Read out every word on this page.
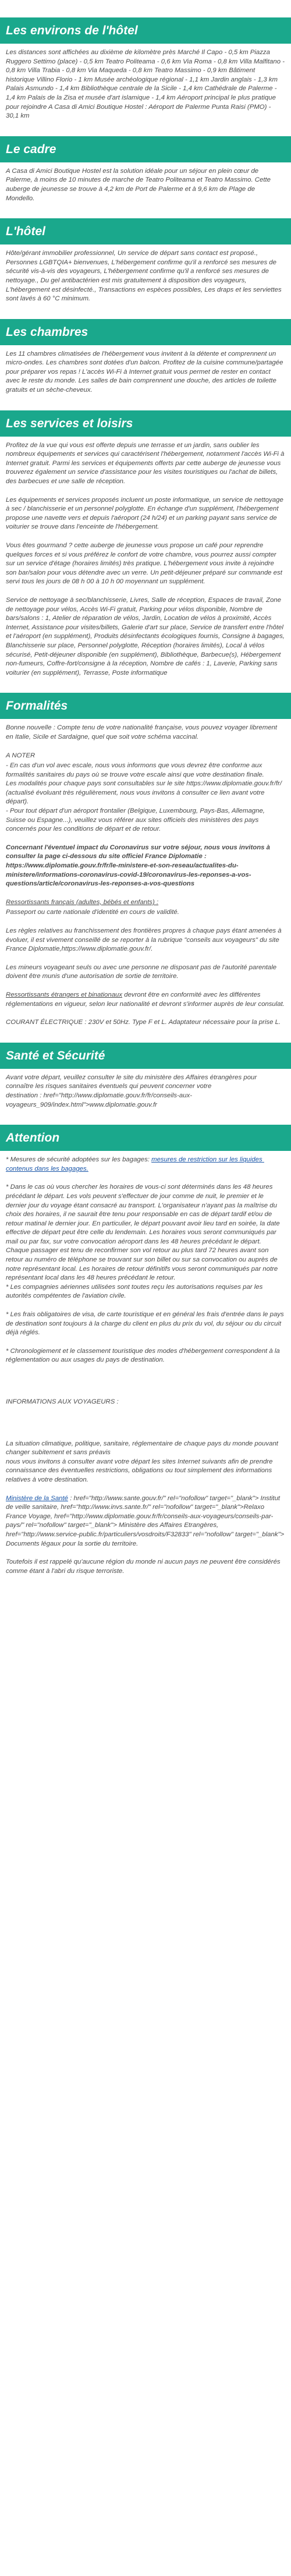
Les environs de l'hôtel

Les distances sont affichées au dixième de kilomètre près Marché Il Capo - 0,5 km Piazza Ruggero Settimo (place) - 0,5 km Teatro Politeama - 0,6 km Via Roma - 0,8 km Villa Malfitano - 0,8 km Villa Trabia - 0,8 km Via Maqueda - 0,8 km Teatro Massimo - 0,9 km Bâtiment historique Villino Florio - 1 km Musée archéologique régional - 1,1 km Jardin anglais - 1,3 km Palais Asmundo - 1,4 km Bibliothèque centrale de la Sicile - 1,4 km Cathédrale de Palerme - 1,4 km Palais de la Zisa et musée d'art islamique - 1,4 km Aéroport principal le plus pratique pour rejoindre A Casa di Amici Boutique Hostel : Aéroport de Palerme Punta Raisi (PMO) - 30,1 km

Le cadre

A Casa di Amici Boutique Hostel est la solution idéale pour un séjour en plein cœur de Palerme, à moins de 10 minutes de marche de Teatro Politeama et Teatro Massimo. Cette auberge de jeunesse se trouve à 4,2 km de Port de Palerme et à 9,6 km de Plage de Mondello.

L'hôtel

Hôte/gérant immobilier professionnel, Un service de départ sans contact est proposé., Personnes LGBTQIA+ bienvenues, L'hébergement confirme qu'il a renforcé ses mesures de sécurité vis-à-vis des voyageurs, L'hébergement confirme qu'il a renforcé ses mesures de nettoyage., Du gel antibactérien est mis gratuitement à disposition des voyageurs, L'hébergement est désinfecté., Transactions en espèces possibles, Les draps et les serviettes sont lavés à 60 °C minimum.

Les chambres

Les 11 chambres climatisées de l'hébergement vous invitent à la détente et comprennent un micro-ondes. Les chambres sont dotées d'un balcon. Profitez de la cuisine commune/partagée pour préparer vos repas ! L'accès Wi-Fi à Internet gratuit vous permet de rester en contact avec le reste du monde. Les salles de bain comprennent une douche, des articles de toilette gratuits et un sèche-cheveux.

Les services et loisirs

Profitez de la vue qui vous est offerte depuis une terrasse et un jardin, sans oublier les nombreux équipements et services qui caractérisent l'hébergement, notamment l'accès Wi-Fi à Internet gratuit. Parmi les services et équipements offerts par cette auberge de jeunesse vous trouverez également un service d'assistance pour les visites touristiques ou l'achat de billets, des barbecues et une salle de réception.

Les équipements et services proposés incluent un poste informatique, un service de nettoyage à sec / blanchisserie et un personnel polyglotte. En échange d'un supplément, l'hébergement propose une navette vers et depuis l'aéroport (24 h/24) et un parking payant sans service de voiturier se trouve dans l'enceinte de l'hébergement.

Vous êtes gourmand ? cette auberge de jeunesse vous propose un café pour reprendre quelques forces et si vous préférez le confort de votre chambre, vous pourrez aussi compter sur un service d'étage (horaires limités) très pratique. L'hébergement vous invite à rejoindre son bar/salon pour vous détendre avec un verre. Un petit-déjeuner préparé sur commande est servi tous les jours de 08 h 00 à 10 h 00 moyennant un supplément.

Service de nettoyage à sec/blanchisserie, Livres, Salle de réception, Espaces de travail, Zone de nettoyage pour vélos, Accès Wi-Fi gratuit, Parking pour vélos disponible, Nombre de bars/salons : 1, Atelier de réparation de vélos, Jardin, Location de vélos à proximité, Accès Internet, Assistance pour visites/billets, Galerie d'art sur place, Service de transfert entre l'hôtel et l'aéroport (en supplément), Produits désinfectants écologiques fournis, Consigne à bagages, Blanchisserie sur place, Personnel polyglotte, Réception (horaires limités), Local à vélos sécurisé, Petit-déjeuner disponible (en supplément), Bibliothèque, Barbecue(s), Hébergement non-fumeurs, Coffre-fort/consigne à la réception, Nombre de cafés : 1, Laverie, Parking sans voiturier (en supplément), Terrasse, Poste informatique

Formalités

Bonne nouvelle : Compte tenu de votre nationalité française, vous pouvez voyager librement en Italie, Sicile et Sardaigne, quel que soit votre schéma vaccinal.

A NOTER

- En cas d'un vol avec escale, nous vous informons que vous devrez être conforme aux formalités sanitaires du pays où se trouve votre escale ainsi que votre destination finale.
Les modalités pour chaque pays sont consultables sur le site https://www.diplomatie.gouv.fr/fr/ (actualisé évoluant très régulièrement, nous vous invitons à consulter ce lien avant votre départ).
- Pour tout départ d'un aéroport frontalier (Belgique, Luxembourg, Pays-Bas, Allemagne, Suisse ou Espagne...), veuillez vous référer aux sites officiels des ministères des pays concernés pour les conditions de départ et de retour.

Concernant l'éventuel impact du Coronavirus sur votre séjour, nous vous invitons à consulter la page ci-dessous du site officiel France Diplomatie : https://www.diplomatie.gouv.fr/fr/le-ministere-et-son-reseau/actualites-du-ministere/informations-coronavirus-covid-19/coronavirus-les-reponses-a-vos-questions/article/coronavirus-les-reponses-a-vos-questions

Ressortissants français (adultes, bébés et enfants) :

Passeport ou carte nationale d'identité en cours de validité.

Les règles relatives au franchissement des frontières propres à chaque pays étant amenées à évoluer, il est vivement conseillé de se reporter à la rubrique "conseils aux voyageurs" du site France Diplomatie,https://www.diplomatie.gouv.fr/.

Les mineurs voyageant seuls ou avec une personne ne disposant pas de l'autorité parentale doivent être munis d'une autorisation de sortie de territoire.

Ressortissants étrangers et binationaux devront être en conformité avec les différentes réglementations en vigueur, selon leur nationalité et devront s'informer auprès de leur consulat.

COURANT ÉLECTRIQUE : 230V et 50Hz. Type F et L. Adaptateur nécessaire pour la prise L.

Santé et Sécurité

Avant votre départ, veuillez consulter le site du ministère des Affaires étrangères pour connaître les risques sanitaires éventuels qui peuvent concerner votre
destination : href="http://www.diplomatie.gouv.fr/fr/conseils-aux-voyageurs_909/index.html">www.diplomatie.gouv.fr

Attention

* Mesures de sécurité adoptées sur les bagages: mesures de restriction sur les liquides contenus dans les bagages.

* Dans le cas où vous chercher les horaires de vous-ci sont déterminés dans les 48 heures précédant le départ. Les vols peuvent s'effectuer de jour comme de nuit, le premier et le dernier jour du voyage étant consacré au transport. L'organisateur n'ayant pas la maîtrise du choix des horaires, il ne saurait être tenu pour responsable en cas de départ tardif et/ou de retour matinal le dernier jour. En particulier, le départ pouvant avoir lieu tard en soirée, la date effective de départ peut être celle du lendemain. Les horaires vous seront communiqués par mail ou par fax, sur votre convocation aéroport dans les 48 heures précédant le départ. Chaque passager est tenu de reconfirmer son vol retour au plus tard 72 heures avant son retour au numéro de téléphone se trouvant sur son billet ou sur sa convocation ou auprès de notre représentant local. Les horaires de retour définitifs vous seront communiqués par notre représentant local dans les 48 heures précédant le retour.
* Les compagnies aériennes utilisées sont toutes reçu les autorisations requises par les autorités compétentes de l'aviation civile.

* Les frais obligatoires de visa, de carte touristique et en général les frais d'entrée dans le pays de destination sont toujours à la charge du client en plus du prix du vol, du séjour ou du circuit déjà réglés.

* Chronologiement et le classement touristique des modes d'hébergement correspondent à la réglementation ou aux usages du pays de destination.

INFORMATIONS AUX VOYAGEURS :

La situation climatique, politique, sanitaire, réglementaire de chaque pays du monde pouvant changer subitement et sans préavis
nous vous invitons à consulter avant votre départ les sites Internet suivants afin de prendre connaissance des éventuelles restrictions, obligations ou tout simplement des informations relatives à votre destination.

Ministère de la Santé : href="http://www.sante.gouv.fr/" rel="nofollow" target="_blank"> Institut de veille sanitaire, href="http://www.invs.sante.fr/" rel="nofollow" target="_blank">Relaxo France Voyage, href="http://www.diplomatie.gouv.fr/fr/conseils-aux-voyageurs/conseils-par-pays/" rel="nofollow" target="_blank"> Ministère des Affaires Etrangères, href="http://www.service-public.fr/particuliers/vosdroits/F32833" rel="nofollow" target="_blank"> Documents légaux pour la sortie du territoire.

Toutefois il est rappelé qu'aucune région du monde ni aucun pays ne peuvent être considérés comme étant à l'abri du risque terroriste.
